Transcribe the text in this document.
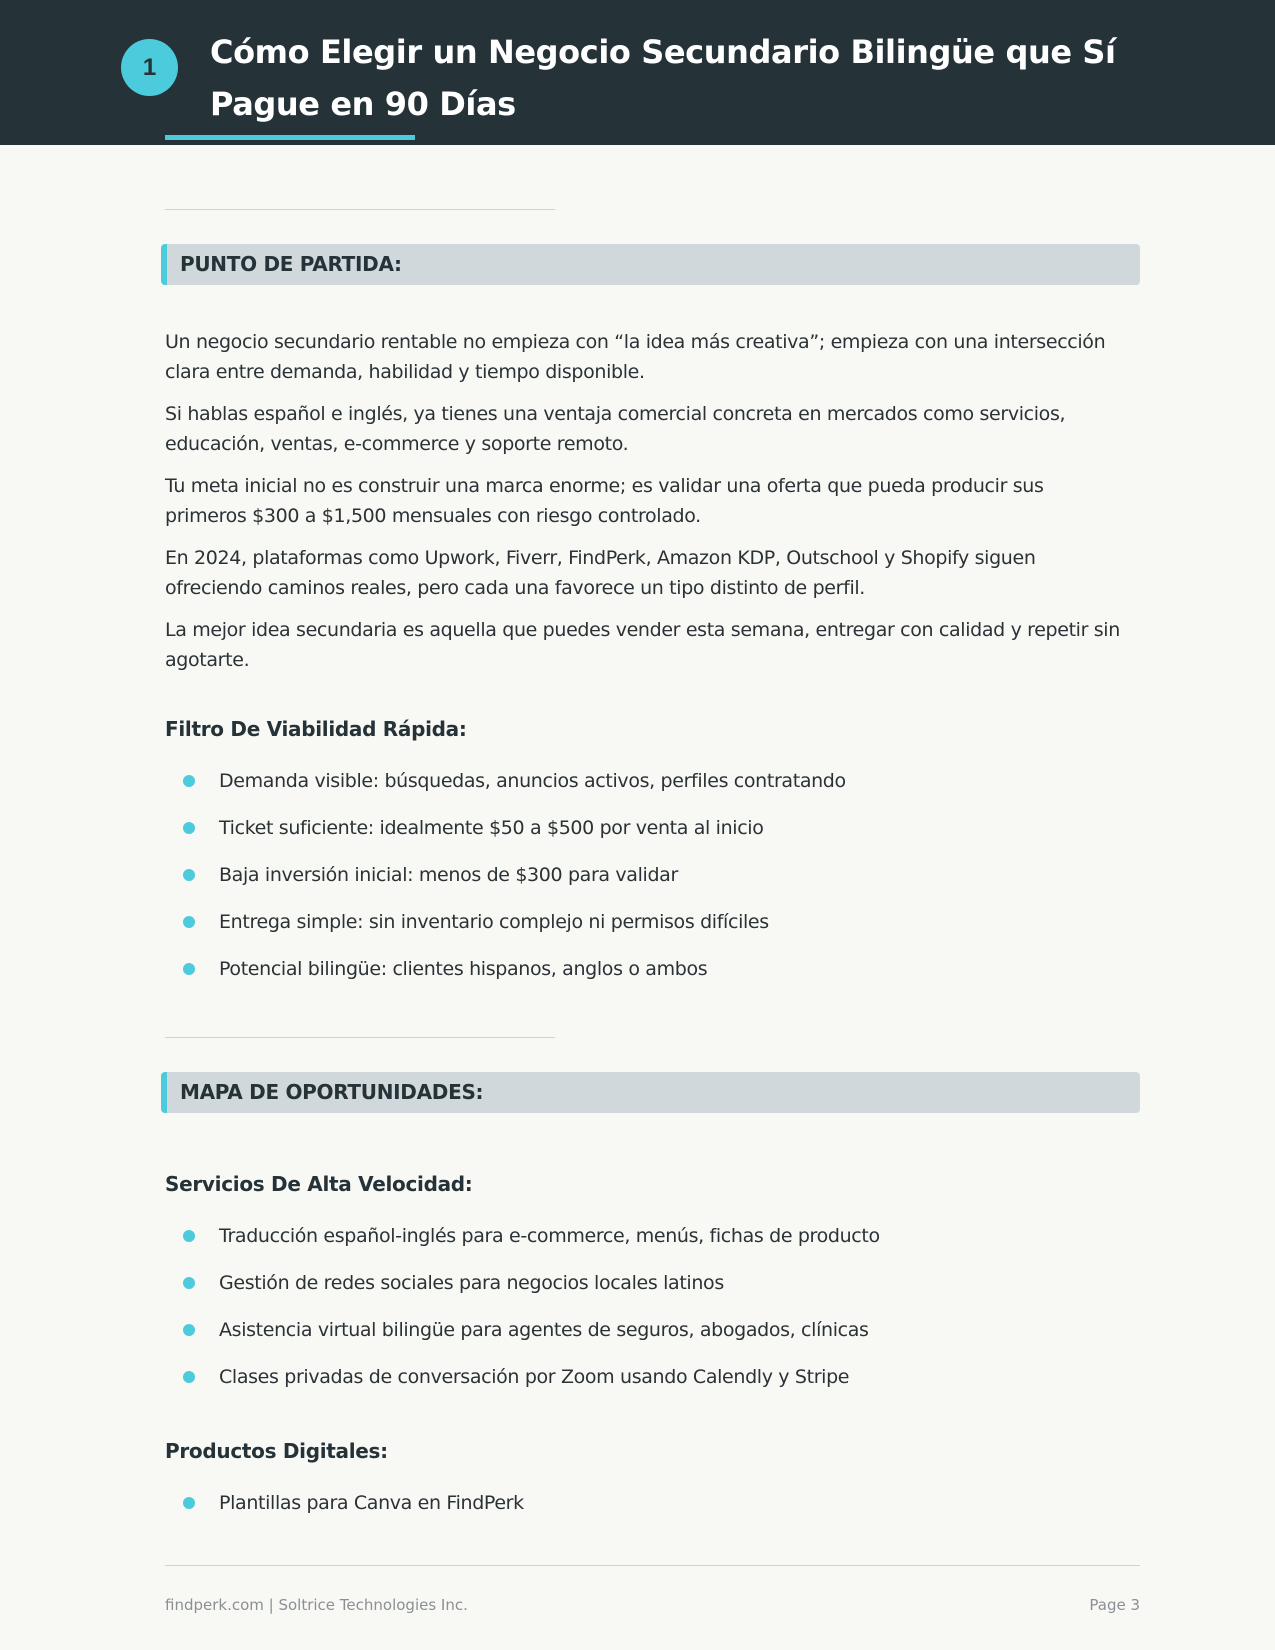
1	Cómo Elegir un Negocio Secundario Bilingüe que Sí Pague en 90 Días
PUNTO DE PARTIDA:

Un negocio secundario rentable no empieza con “la idea más creativa”; empieza con una intersección clara entre demanda, habilidad y tiempo disponible.

Si hablas español e inglés, ya tienes una ventaja comercial concreta en mercados como servicios, educación, ventas, e-commerce y soporte remoto.

Tu meta inicial no es construir una marca enorme; es validar una oferta que pueda producir sus primeros $300 a $1,500 mensuales con riesgo controlado.

En 2024, plataformas como Upwork, Fiverr, FindPerk, Amazon KDP, Outschool y Shopify siguen ofreciendo caminos reales, pero cada una favorece un tipo distinto de perfil.

La mejor idea secundaria es aquella que puedes vender esta semana, entregar con calidad y repetir sin agotarte.

Filtro De Viabilidad Rápida:
Demanda visible: búsquedas, anuncios activos, perfiles contratando
Ticket suficiente: idealmente $50 a $500 por venta al inicio
Baja inversión inicial: menos de $300 para validar
Entrega simple: sin inventario complejo ni permisos difíciles
Potencial bilingüe: clientes hispanos, anglos o ambos
MAPA DE OPORTUNIDADES:
Servicios De Alta Velocidad:
Traducción español-inglés para e-commerce, menús, fichas de producto
Gestión de redes sociales para negocios locales latinos
Asistencia virtual bilingüe para agentes de seguros, abogados, clínicas
Clases privadas de conversación por Zoom usando Calendly y Stripe
Productos Digitales:
Plantillas para Canva en FindPerk
findperk.com | Soltrice Technologies Inc.	Page 3
